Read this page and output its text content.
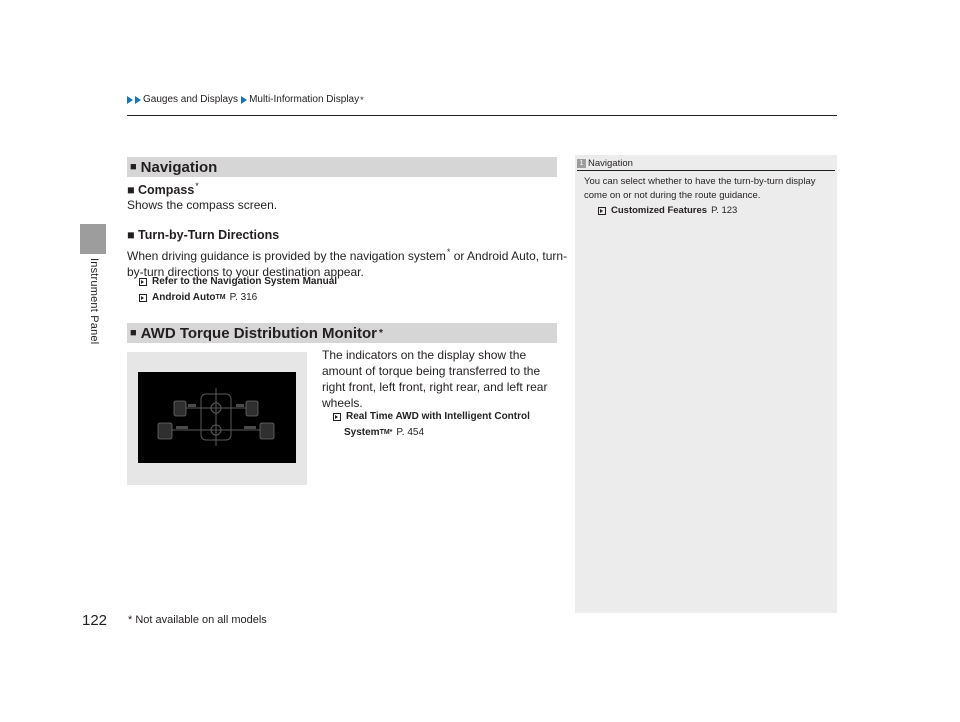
Instrument Panel
122
Gauges and Displays Multi-Information Display *
■ Navigation
■ Compass*
Shows the compass screen.
■ Turn-by-Turn Directions
When driving guidance is provided by the navigation system* or Android Auto, turn-
by-turn directions to your destination appear.
Refer to the Navigation System Manual
Android Auto TM P. 316
■ AWD Torque Distribution Monitor *
The indicators on the display show the amount of torque being transferred to the right front, left front, right rear, and left rear wheels.
Real Time AWD with Intelligent Control
System TM* P. 454
1 Navigation
You can select whether to have the turn-by-turn display come on or not during the route guidance.
Customized Features P. 123
* Not available on all models
